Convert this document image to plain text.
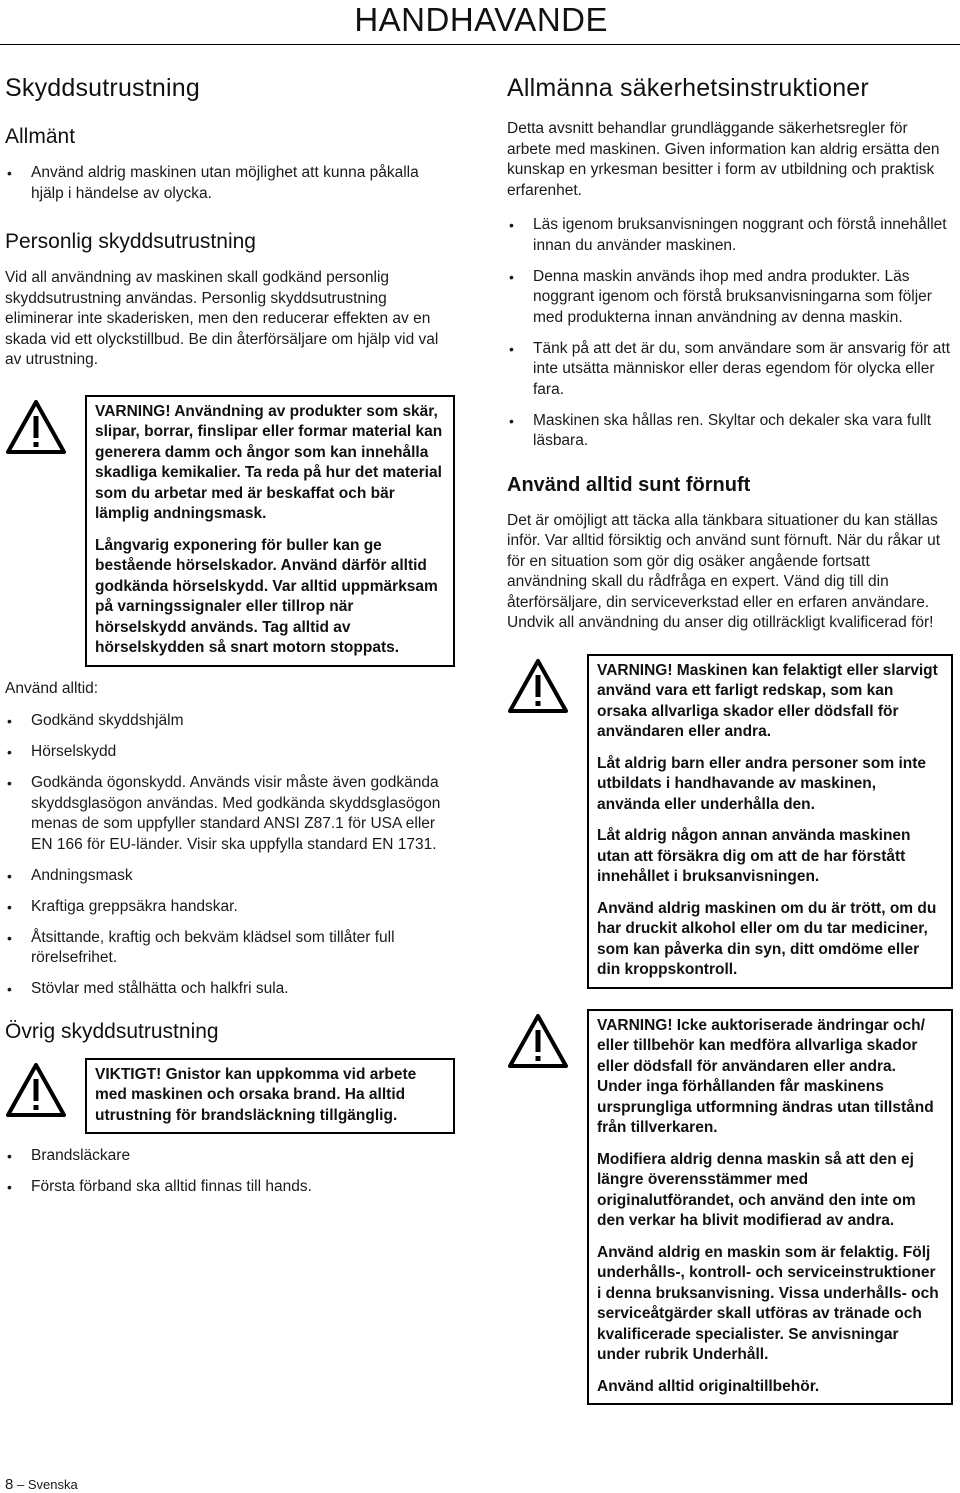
HANDHAVANDE
Skyddsutrustning
Allmänt
• Använd aldrig maskinen utan möjlighet att kunna påkalla hjälp i händelse av olycka.
Personlig skyddsutrustning

Vid all användning av maskinen skall godkänd personlig skyddsutrustning användas. Personlig skyddsutrustning eliminerar inte skaderisken, men den reducerar effekten av en skada vid ett olyckstillbud. Be din återförsäljare om hjälp vid val av utrustning.

VARNING! Användning av produkter som skär, slipar, borrar, finslipar eller formar material kan generera damm och ångor som kan innehålla skadliga kemikalier. Ta reda på hur det material som du arbetar med är beskaffat och bär lämplig andningsmask.

Långvarig exponering för buller kan ge bestående hörselskador. Använd därför alltid godkända hörselskydd. Var alltid uppmärksam på varningssignaler eller tillrop när hörselskydd används. Tag alltid av hörselskydden så snart motorn stoppats.

Använd alltid:

• Godkänd skyddshjälm
• Hörselskydd
• Godkända ögonskydd. Används visir måste även godkända skyddsglasögon användas. Med godkända skyddsglasögon menas de som uppfyller standard ANSI Z87.1 för USA eller EN 166 för EU-länder. Visir ska uppfylla standard EN 1731.
• Andningsmask
• Kraftiga greppsäkra handskar.
• Åtsittande, kraftig och bekväm klädsel som tillåter full rörelsefrihet.
• Stövlar med stålhätta och halkfri sula.
Övrig skyddsutrustning

VIKTIGT! Gnistor kan uppkomma vid arbete med maskinen och orsaka brand. Ha alltid utrustning för brandsläckning tillgänglig.

• Brandsläckare
• Första förband ska alltid finnas till hands.
Allmänna säkerhetsinstruktioner

Detta avsnitt behandlar grundläggande säkerhetsregler för arbete med maskinen. Given information kan aldrig ersätta den kunskap en yrkesman besitter i form av utbildning och praktisk erfarenhet.

• Läs igenom bruksanvisningen noggrant och förstå innehållet innan du använder maskinen.
• Denna maskin används ihop med andra produkter. Läs noggrant igenom och förstå bruksanvisningarna som följer med produkterna innan användning av denna maskin.
• Tänk på att det är du, som användare som är ansvarig för att inte utsätta människor eller deras egendom för olycka eller fara.
• Maskinen ska hållas ren. Skyltar och dekaler ska vara fullt läsbara.
Använd alltid sunt förnuft

Det är omöjligt att täcka alla tänkbara situationer du kan ställas inför. Var alltid försiktig och använd sunt förnuft. När du råkar ut för en situation som gör dig osäker angående fortsatt användning skall du rådfråga en expert. Vänd dig till din återförsäljare, din serviceverkstad eller en erfaren användare. Undvik all användning du anser dig otillräckligt kvalificerad för!

VARNING! Maskinen kan felaktigt eller slarvigt använd vara ett farligt redskap, som kan orsaka allvarliga skador eller dödsfall för användaren eller andra.

Låt aldrig barn eller andra personer som inte utbildats i handhavande av maskinen, använda eller underhålla den.

Låt aldrig någon annan använda maskinen utan att försäkra dig om att de har förstått innehållet i bruksanvisningen.

Använd aldrig maskinen om du är trött, om du har druckit alkohol eller om du tar mediciner, som kan påverka din syn, ditt omdöme eller din kroppskontroll.

VARNING! Icke auktoriserade ändringar och/ eller tillbehör kan medföra allvarliga skador eller dödsfall för användaren eller andra. Under inga förhållanden får maskinens ursprungliga utformning ändras utan tillstånd från tillverkaren.

Modifiera aldrig denna maskin så att den ej längre överensstämmer med originalutförandet, och använd den inte om den verkar ha blivit modifierad av andra.

Använd aldrig en maskin som är felaktig. Följ underhålls-, kontroll- och serviceinstruktioner i denna bruksanvisning. Vissa underhålls- och serviceåtgärder skall utföras av tränade och kvalificerade specialister. Se anvisningar under rubrik Underhåll.

Använd alltid originaltillbehör.

8 – Svenska
